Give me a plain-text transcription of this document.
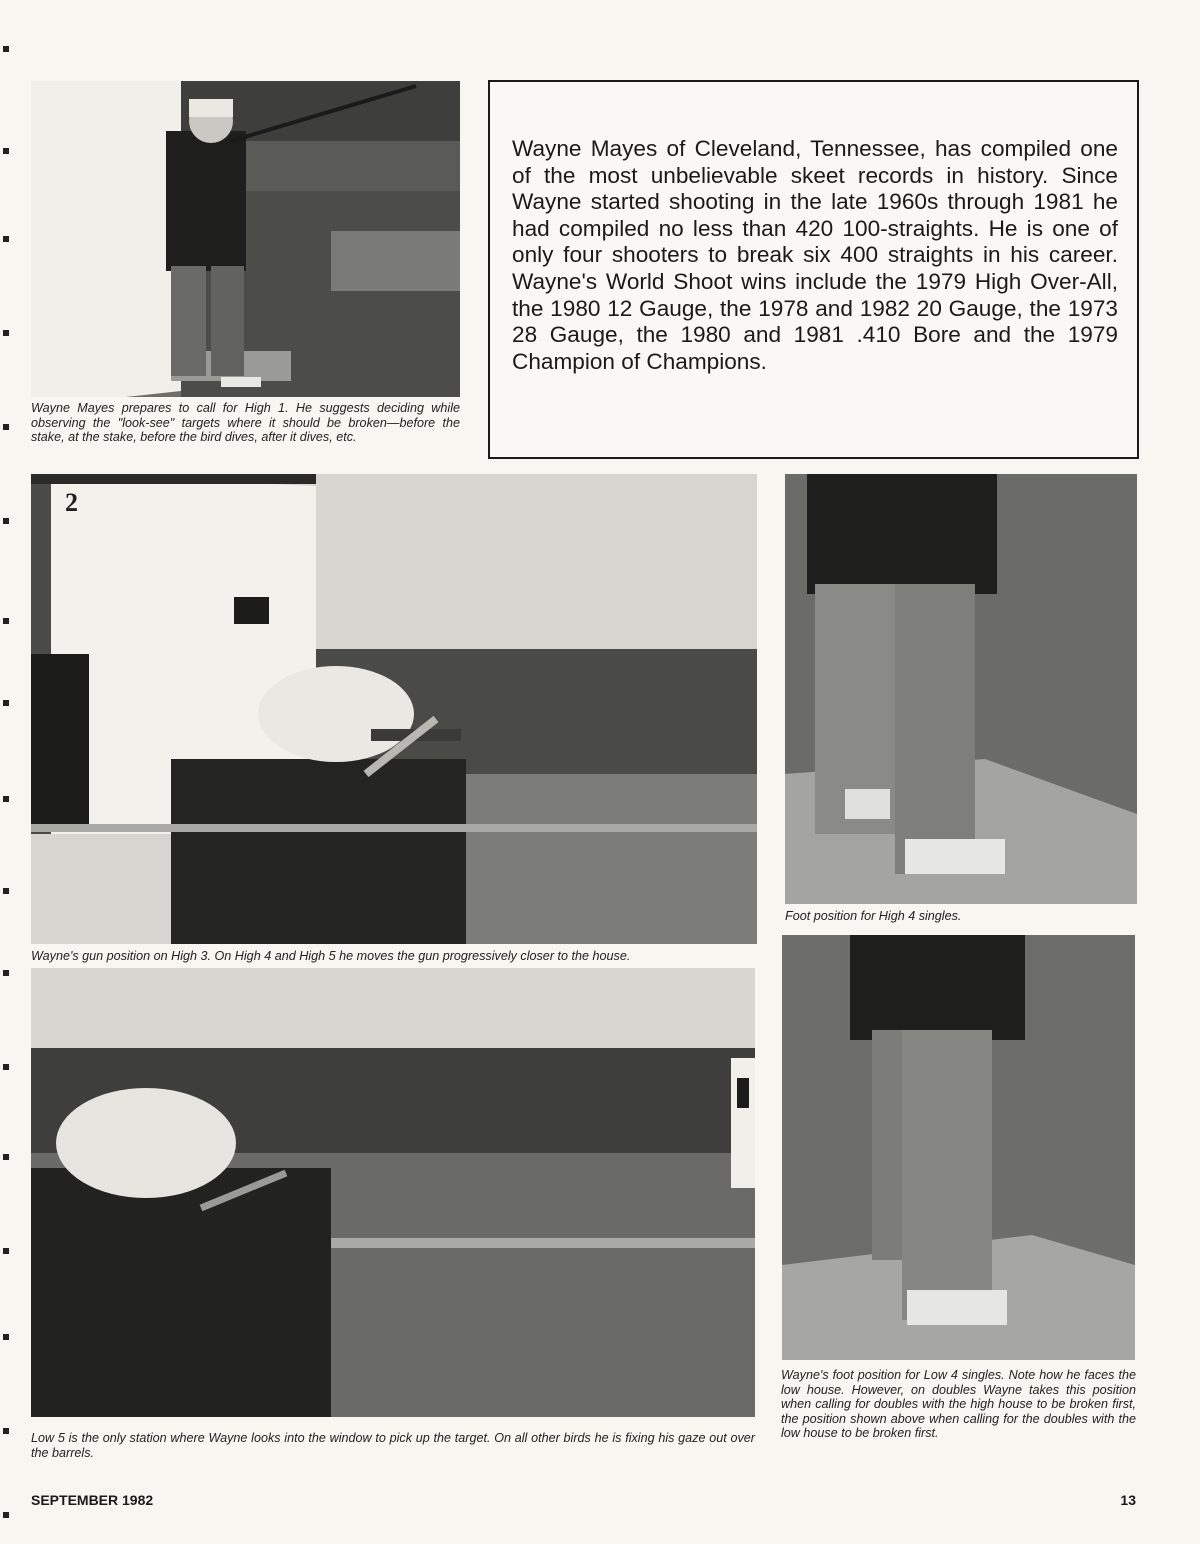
Wayne Mayes prepares to call for High 1. He suggests deciding while observing the "look-see" targets where it should be broken—before the stake, at the stake, before the bird dives, after it dives, etc.

Wayne Mayes of Cleveland, Tennessee, has compiled one of the most unbelievable skeet records in history. Since Wayne started shooting in the late 1960s through 1981 he had compiled no less than 420 100-straights. He is one of only four shooters to break six 400 straights in his career. Wayne's World Shoot wins include the 1979 High Over-All, the 1980 12 Gauge, the 1978 and 1982 20 Gauge, the 1973 28 Gauge, the 1980 and 1981 .410 Bore and the 1979 Champion of Champions.

2
Wayne's gun position on High 3. On High 4 and High 5 he moves the gun progressively closer to the house.
Low 5 is the only station where Wayne looks into the window to pick up the target. On all other birds he is fixing his gaze out over the barrels.
Foot position for High 4 singles.
Wayne's foot position for Low 4 singles. Note how he faces the low house. However, on doubles Wayne takes this position when calling for doubles with the high house to be broken first, the position shown above when calling for the doubles with the low house to be broken first.
SEPTEMBER 1982	13
